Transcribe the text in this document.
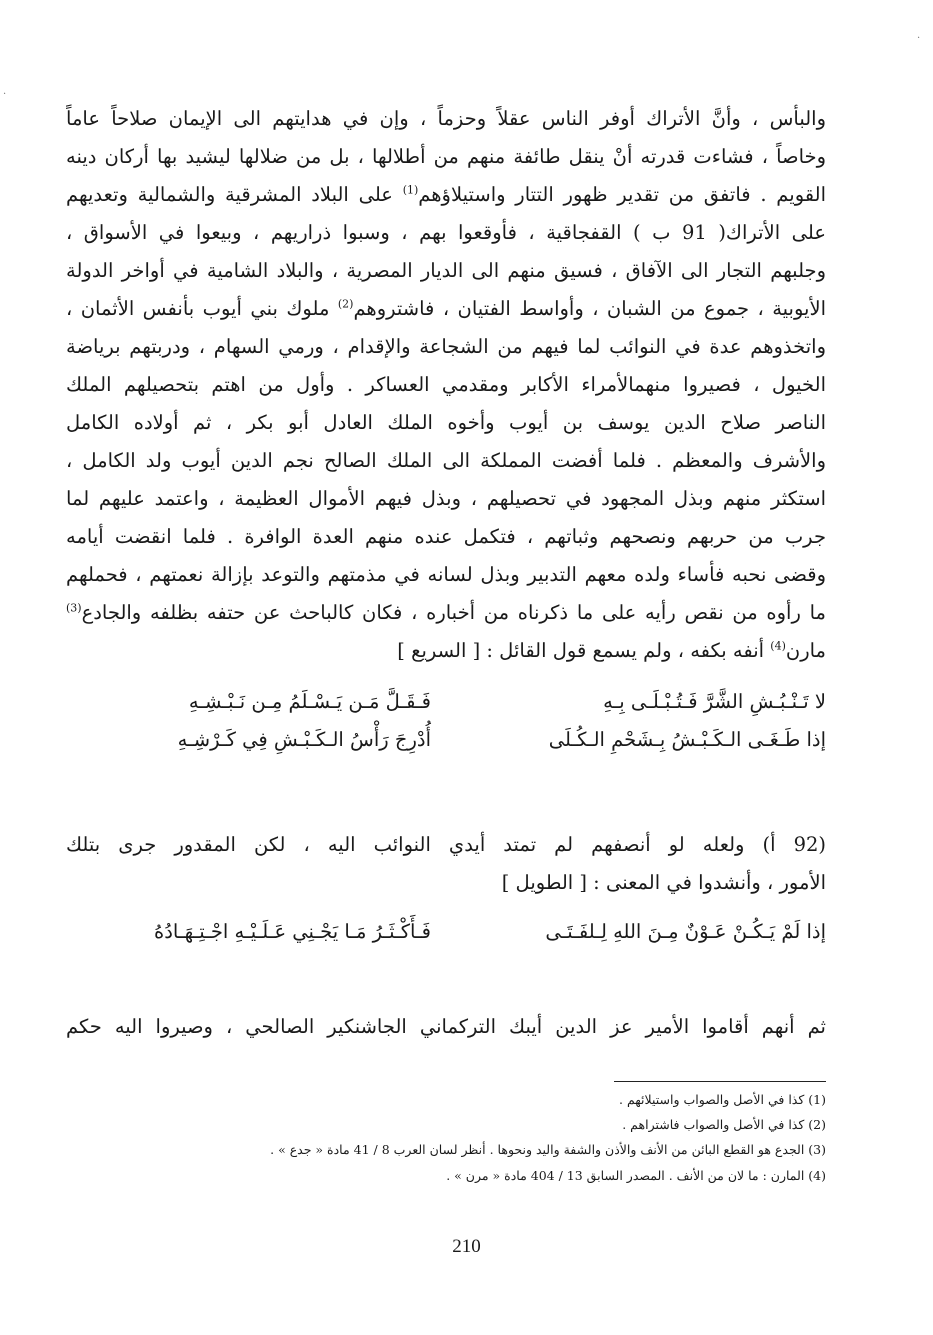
.
.
والبأس ، وأنَّ الأتراك أوفر الناس عقلاً وحزماً ، وإن في هدايتهم الى الإيمان صلاحاً عاماً
وخاصاً ، فشاءت قدرته أنْ ينقل طائفة منهم من أطلالها ، بل من ضلالها ليشيد بها أركان دينه
القويم . فاتفق من تقدير ظهور التتار واستيلاؤهم$^{(1)}$ على البلاد المشرقية والشمالية وتعديهم
على الأتراك( 91 ب ) القفجاقية ، فأوقعوا بهم ، وسبوا ذراريهم ، وبيعوا في الأسواق ،
وجلبهم التجار الى الآفاق ، فسيق منهم الى الديار المصرية ، والبلاد الشامية في أواخر الدولة
الأيوبية ، جموع من الشبان ، وأواسط الفتيان ، فاشتروهم$^{(2)}$ ملوك بني أيوب بأنفس الأثمان ،
واتخذوهم عدة في النوائب لما فيهم من الشجاعة والإقدام ، ورمي السهام ، ودربتهم برياضة
الخيول ، فصيروا منهمالأمراء الأكابر ومقدمي العساكر . وأول من اهتم بتحصيلهم الملك
الناصر صلاح الدين يوسف بن أيوب وأخوه الملك العادل أبو بكر ، ثم أولاده الكامل
والأشرف والمعظم . فلما أفضت المملكة الى الملك الصالح نجم الدين أيوب ولد الكامل ،
استكثر منهم وبذل المجهود في تحصيلهم ، وبذل فيهم الأموال العظيمة ، واعتمد عليهم لما
جرب من حربهم ونصحهم وثباتهم ، فتكمل عنده منهم العدة الوافرة . فلما انقضت أيامه
وقضى نحبه فأساء ولده معهم التدبير وبذل لسانه في مذمتهم والتوعد بإزالة نعمتهم ، فحملهم
ما رأوه من نقص رأيه على ما ذكرناه من أخباره ، فكان كالباحث عن حتفه بظلفه والجادع$^{(3)}$
مارن$^{(4)}$ أنفه بكفه ، ولم يسمع قول القائل : [ السريع ]
لا تَـنْـبُـشِ الشَّرَّ فَـتُـبْـلَـى بِـهِ
فَـقَـلَّ مَـن يَـسْـلَمُ مِـن نَـبْـشِـهِ
إذا طَـغَـى الـكَـبْـشُ بِـشَحْمِ الـكُـلَى
أُدْرِجَ رَأْسُ الـكَـبْـشِ فِي كَـرْشِـهِ
(92 أ) ولعله لو أنصفهم لم تمتد أيدي النوائب اليه ، لكن المقدور جرى بتلك
الأمور ، وأنشدوا في المعنى : [ الطويل ]
إذا لَمْ يَـكُـنْ عَـوْنٌ مِـنَ اللهِ لِـلفَـتَـى
فَـأَكْـثَـرُ مَـا يَجْـنِي عَـلَـيْـهِ اجْـتِـهَـادُهُ
ثم أنهم أقاموا الأمير عز الدين أيبك التركماني الجاشنكير الصالحي ، وصيروا اليه حكم
(1) كذا في الأصل والصواب واستيلائهم .
(2) كذا في الأصل والصواب فاشتراهم .
(3) الجدع هو القطع البائن من الأنف والأذن والشفة واليد ونحوها . أنظر لسان العرب 8 / 41 مادة « جدع » .
(4) المارن : ما لان من الأنف . المصدر السابق 13 / 404 مادة « مرن » .
210
